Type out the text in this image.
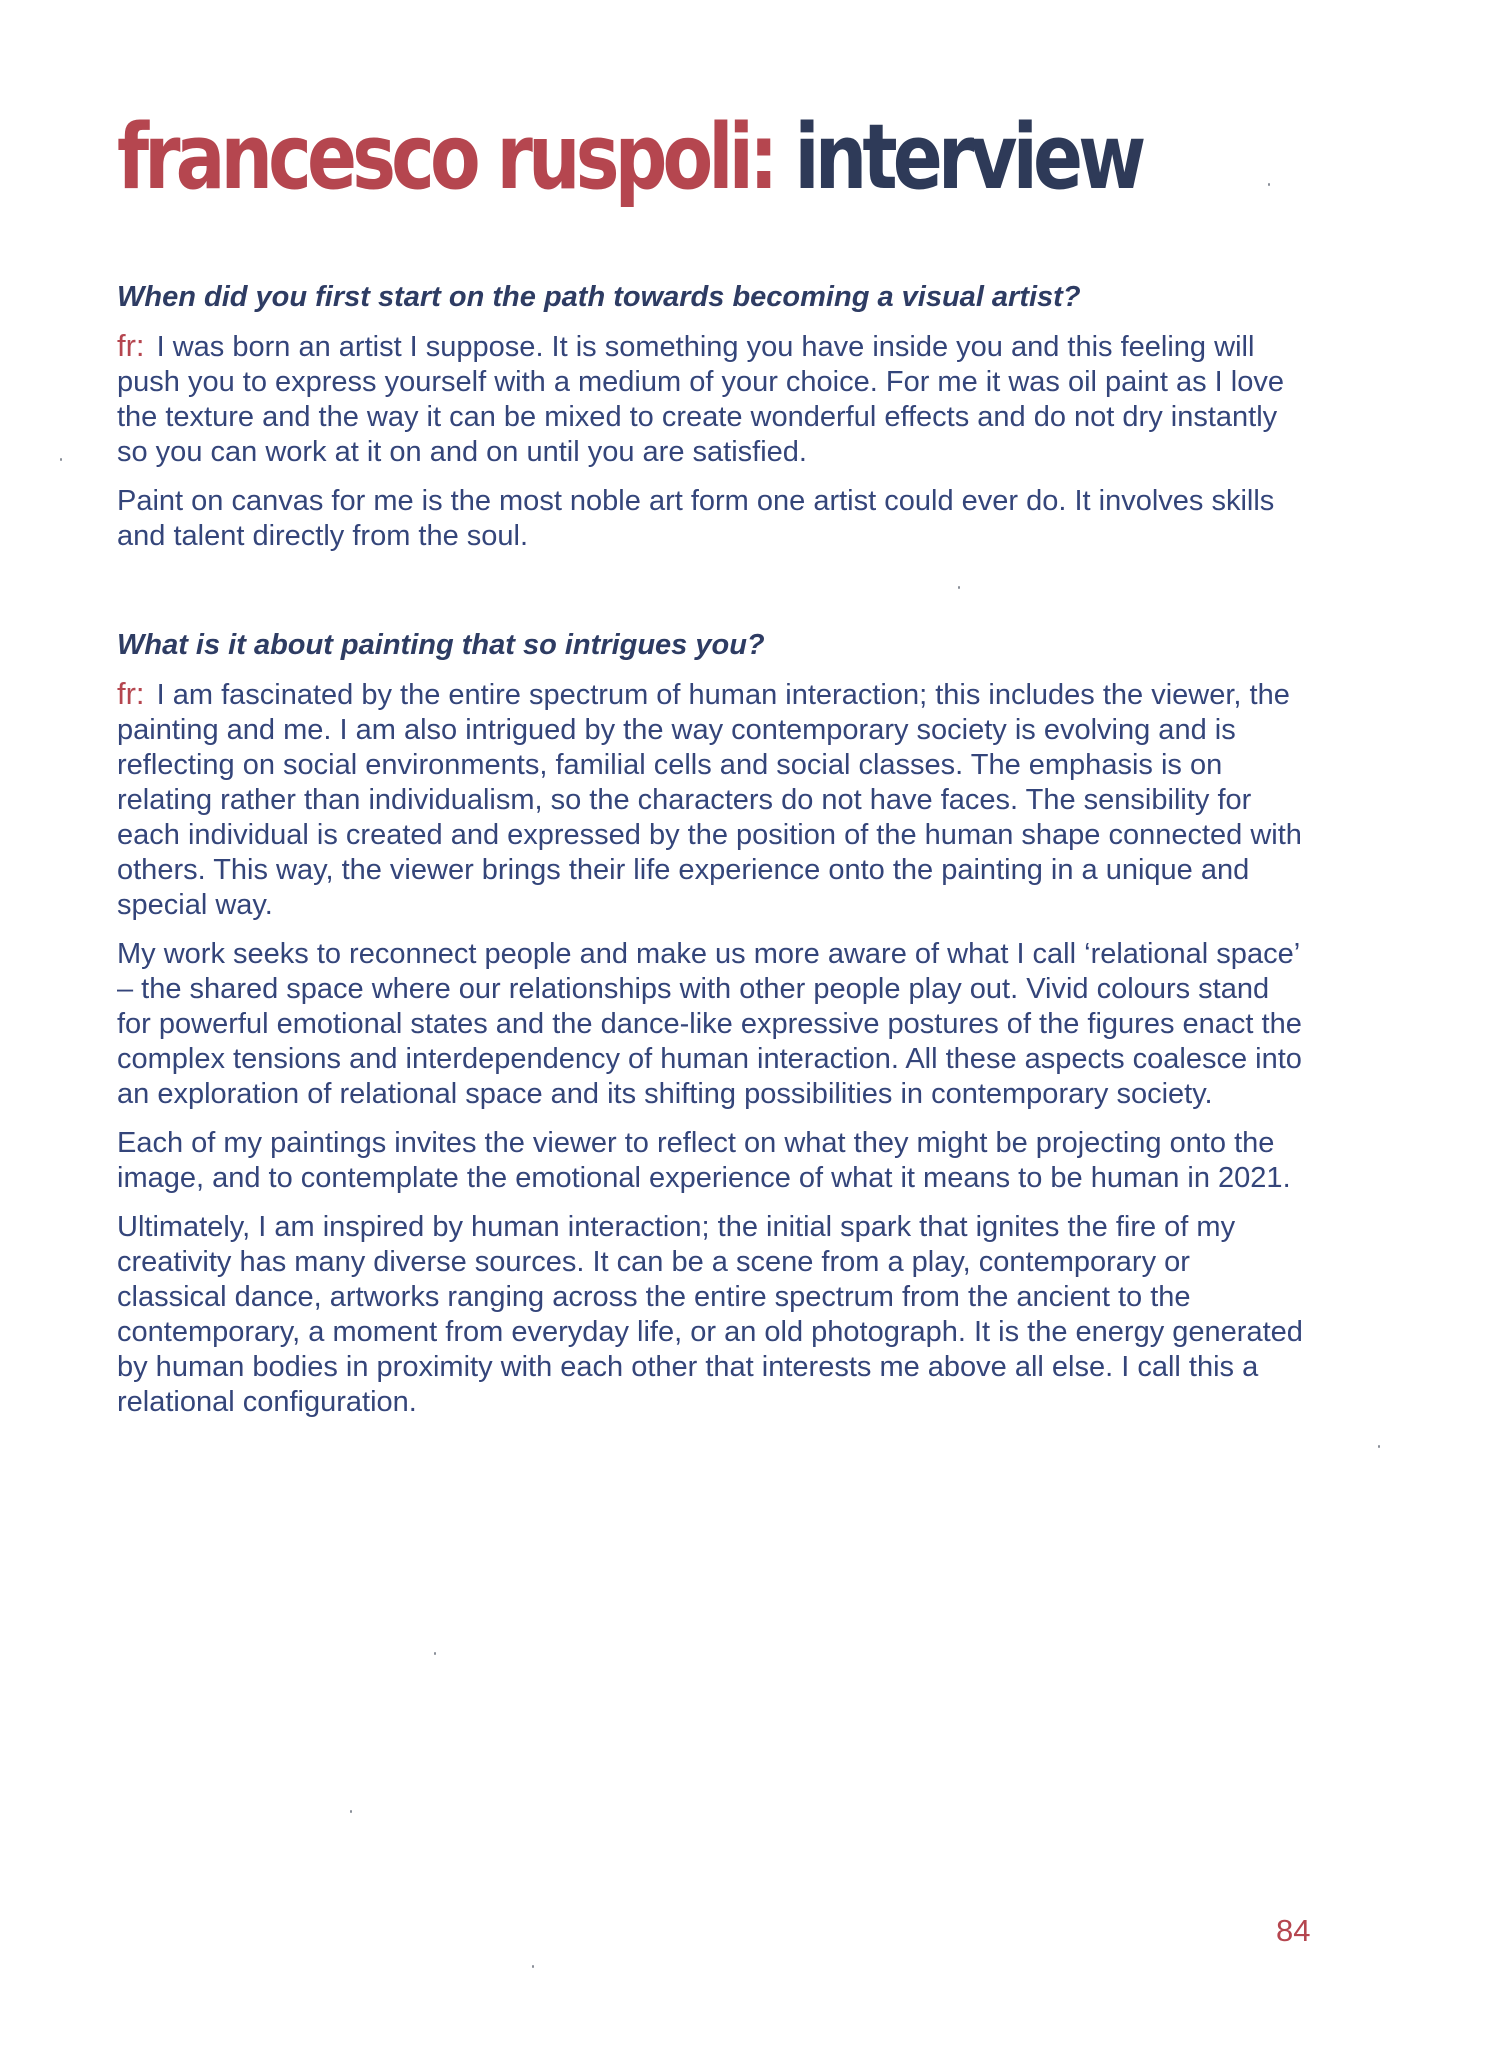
francesco ruspoli: interview

When did you first start on the path towards becoming a visual artist?

fr: I was born an artist I suppose. It is something you have inside you and this feeling will push you to express yourself with a medium of your choice. For me it was oil paint as I love the texture and the way it can be mixed to create wonderful effects and do not dry instantly so you can work at it on and on until you are satisfied.

Paint on canvas for me is the most noble art form one artist could ever do. It involves skills and talent directly from the soul.

What is it about painting that so intrigues you?

fr: I am fascinated by the entire spectrum of human interaction; this includes the viewer, the painting and me. I am also intrigued by the way contemporary society is evolving and is reflecting on social environments, familial cells and social classes. The emphasis is on relating rather than individualism, so the characters do not have faces. The sensibility for each individual is created and expressed by the position of the human shape connected with others. This way, the viewer brings their life experience onto the painting in a unique and special way.

My work seeks to reconnect people and make us more aware of what I call ‘relational space’ – the shared space where our relationships with other people play out. Vivid colours stand for powerful emotional states and the dance-like expressive postures of the figures enact the complex tensions and interdependency of human interaction. All these aspects coalesce into an exploration of relational space and its shifting possibilities in contemporary society.

Each of my paintings invites the viewer to reflect on what they might be projecting onto the image, and to contemplate the emotional experience of what it means to be human in 2021.

Ultimately, I am inspired by human interaction; the initial spark that ignites the fire of my creativity has many diverse sources. It can be a scene from a play, contemporary or classical dance, artworks ranging across the entire spectrum from the ancient to the contemporary, a moment from everyday life, or an old photograph. It is the energy generated by human bodies in proximity with each other that interests me above all else. I call this a relational configuration.

84
